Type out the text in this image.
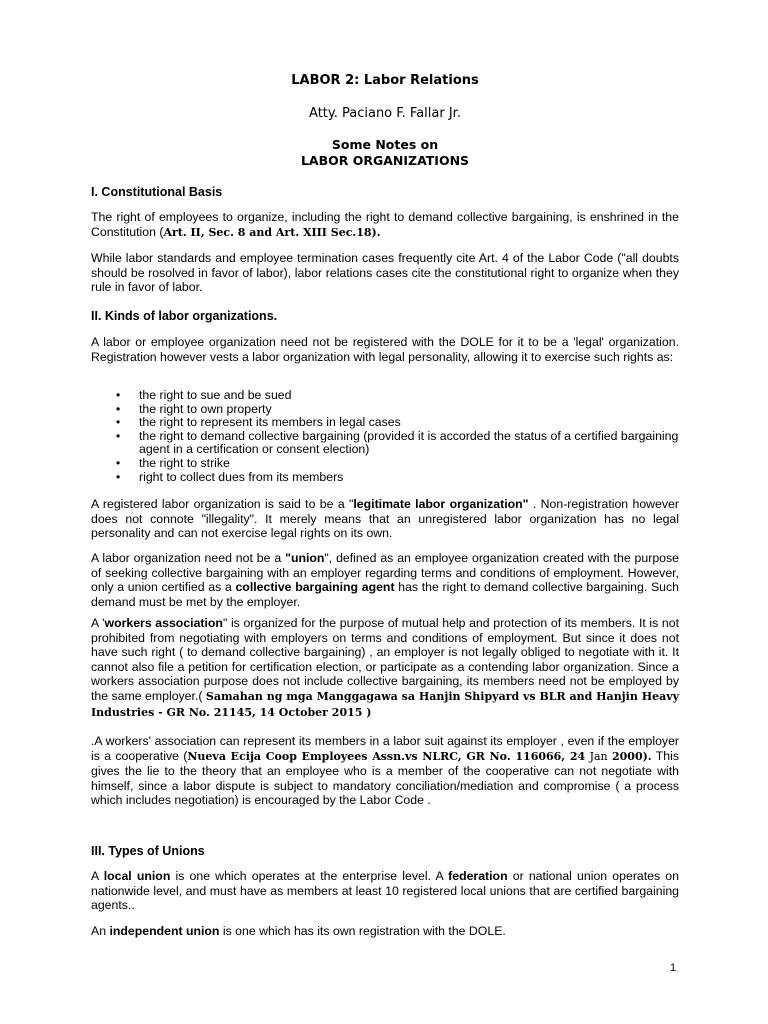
LABOR 2: Labor Relations
Atty. Paciano F. Fallar Jr.
Some Notes on
LABOR ORGANIZATIONS
I. Constitutional Basis
The right of employees to organize, including the right to demand collective bargaining, is enshrined in the Constitution (Art. II, Sec. 8 and Art. XIII Sec.18).
While labor standards and employee termination cases frequently cite Art. 4 of the Labor Code ("all doubts should be rosolved in favor of labor), labor relations cases cite the constitutional right to organize when they rule in favor of labor.
II. Kinds of labor organizations.
A labor or employee organization need not be registered with the DOLE for it to be a 'legal' organization. Registration however vests a labor organization with legal personality, allowing it to exercise such rights as:
• the right to sue and be sued
• the right to own property
• the right to represent its members in legal cases
• the right to demand collective bargaining (provided it is accorded the status of a certified bargaining agent in a certification or consent election)
• the right to strike
• right to collect dues from its members
A registered labor organization is said to be a "legitimate labor organization" . Non-registration however does not connote "illegality". It merely means that an unregistered labor organization has no legal personality and can not exercise legal rights on its own.
A labor organization need not be a "union", defined as an employee organization created with the purpose of seeking collective bargaining with an employer regarding terms and conditions of employment. However, only a union certified as a collective bargaining agent has the right to demand collective bargaining. Such demand must be met by the employer.
A 'workers association" is organized for the purpose of mutual help and protection of its members. It is not prohibited from negotiating with employers on terms and conditions of employment. But since it does not have such right ( to demand collective bargaining) , an employer is not legally obliged to negotiate with it. It cannot also file a petition for certification election, or participate as a contending labor organization. Since a workers association purpose does not include collective bargaining, its members need not be employed by the same employer.( Samahan ng mga Manggagawa sa Hanjin Shipyard vs BLR and Hanjin Heavy Industries - GR No. 21145, 14 October 2015 )
.A workers' association can represent its members in a labor suit against its employer , even if the employer is a cooperative (Nueva Ecija Coop Employees Assn.vs NLRC, GR No. 116066, 24 Jan 2000). This gives the lie to the theory that an employee who is a member of the cooperative can not negotiate with himself, since a labor dispute is subject to mandatory conciliation/mediation and compromise ( a process which includes negotiation) is encouraged by the Labor Code .
III. Types of Unions
A local union is one which operates at the enterprise level. A federation or national union operates on nationwide level, and must have as members at least 10 registered local unions that are certified bargaining agents..
An independent union is one which has its own registration with the DOLE.
1
